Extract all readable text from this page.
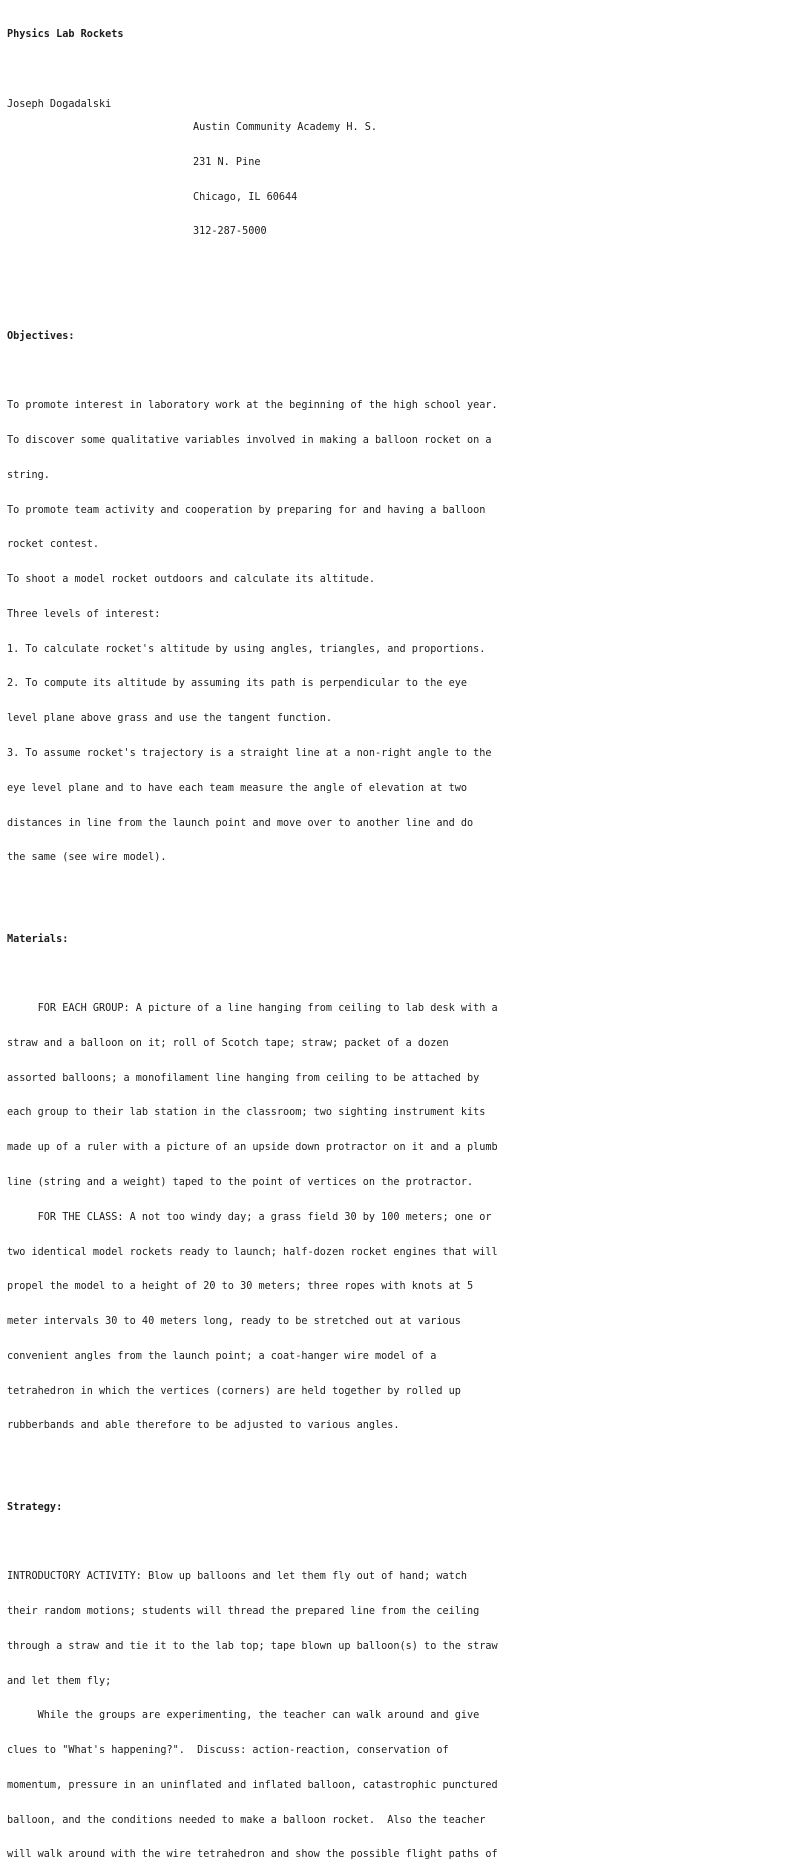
Physics Lab Rockets

Joseph Dogadalski

Austin Community Academy H. S.

231 N. Pine

Chicago, IL 60644

312-287-5000

Objectives:

To promote interest in laboratory work at the beginning of the high school year.

To discover some qualitative variables involved in making a balloon rocket on a

string.

To promote team activity and cooperation by preparing for and having a balloon

rocket contest.

To shoot a model rocket outdoors and calculate its altitude.

Three levels of interest:

1. To calculate rocket's altitude by using angles, triangles, and proportions.

2. To compute its altitude by assuming its path is perpendicular to the eye

level plane above grass and use the tangent function.

3. To assume rocket's trajectory is a straight line at a non-right angle to the

eye level plane and to have each team measure the angle of elevation at two

distances in line from the launch point and move over to another line and do

the same (see wire model).

Materials:

FOR EACH GROUP: A picture of a line hanging from ceiling to lab desk with a

straw and a balloon on it; roll of Scotch tape; straw; packet of a dozen

assorted balloons; a monofilament line hanging from ceiling to be attached by

each group to their lab station in the classroom; two sighting instrument kits

made up of a ruler with a picture of an upside down protractor on it and a plumb

line (string and a weight) taped to the point of vertices on the protractor.

FOR THE CLASS: A not too windy day; a grass field 30 by 100 meters; one or

two identical model rockets ready to launch; half-dozen rocket engines that will

propel the model to a height of 20 to 30 meters; three ropes with knots at 5

meter intervals 30 to 40 meters long, ready to be stretched out at various

convenient angles from the launch point; a coat-hanger wire model of a

tetrahedron in which the vertices (corners) are held together by rolled up

rubberbands and able therefore to be adjusted to various angles.

Strategy:

INTRODUCTORY ACTIVITY: Blow up balloons and let them fly out of hand; watch

their random motions; students will thread the prepared line from the ceiling

through a straw and tie it to the lab top; tape blown up balloon(s) to the straw

and let them fly;

While the groups are experimenting, the teacher can walk around and give

clues to "What's happening?".  Discuss: action-reaction, conservation of

momentum, pressure in an uninflated and inflated balloon, catastrophic punctured

balloon, and the conditions needed to make a balloon rocket.  Also the teacher

will walk around with the wire tetrahedron and show the possible flight paths of
